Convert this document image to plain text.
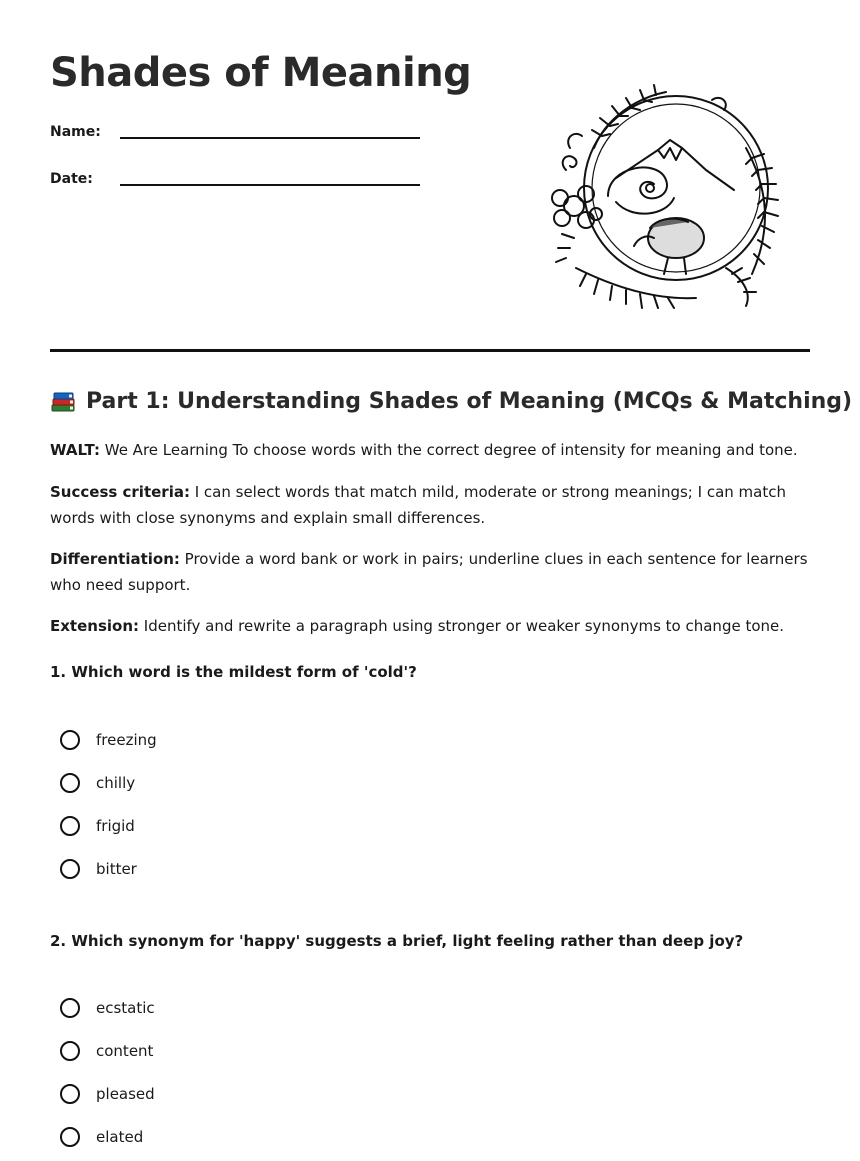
Shades of Meaning
Name:
Date:
Part 1: Understanding Shades of Meaning (MCQs & Matching)

WALT: We Are Learning To choose words with the correct degree of intensity for meaning and tone.

Success criteria: I can select words that match mild, moderate or strong meanings; I can match words with close synonyms and explain small differences.

Differentiation: Provide a word bank or work in pairs; underline clues in each sentence for learners who need support.

Extension: Identify and rewrite a paragraph using stronger or weaker synonyms to change tone.

1. Which word is the mildest form of 'cold'?

freezing
chilly
frigid
bitter

2. Which synonym for 'happy' suggests a brief, light feeling rather than deep joy?

ecstatic
content
pleased
elated
